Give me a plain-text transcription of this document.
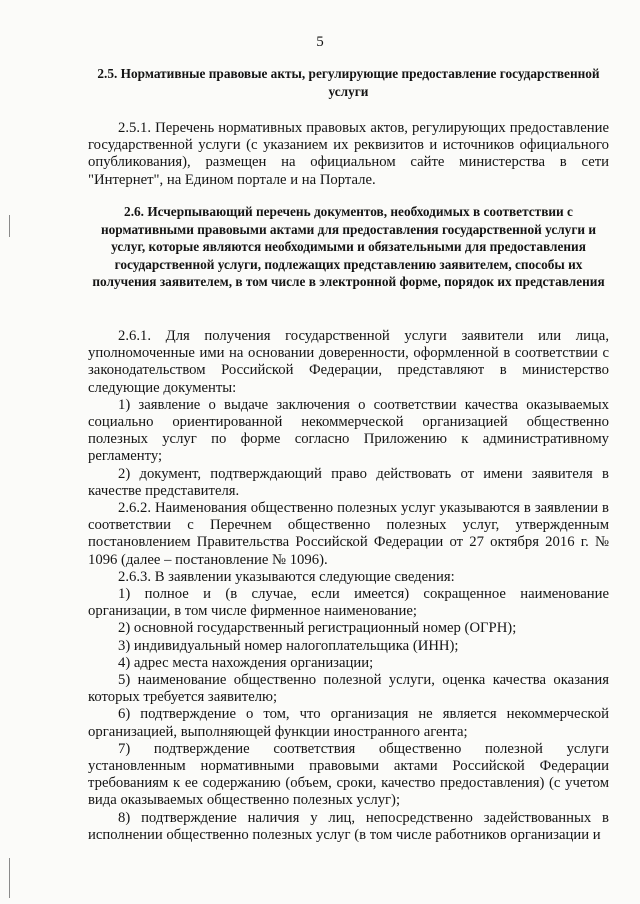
5
2.5. Нормативные правовые акты, регулирующие предоставление государственной услуги

2.5.1. Перечень нормативных правовых актов, регулирующих предоставление государственной услуги (с указанием их реквизитов и источников официального опубликования), размещен на официальном сайте министерства в сети "Интернет", на Едином портале и на Портале.

2.6. Исчерпывающий перечень документов, необходимых в соответствии с нормативными правовыми актами для предоставления государственной услуги и услуг, которые являются необходимыми и обязательными для предоставления государственной услуги, подлежащих представлению заявителем, способы их получения заявителем, в том числе в электронной форме, порядок их представления

2.6.1. Для получения государственной услуги заявители или лица, уполномоченные ими на основании доверенности, оформленной в соответствии с законодательством Российской Федерации, представляют в министерство следующие документы:

1) заявление о выдаче заключения о соответствии качества оказываемых социально ориентированной некоммерческой организацией общественно полезных услуг по форме согласно Приложению к административному регламенту;

2) документ, подтверждающий право действовать от имени заявителя в качестве представителя.

2.6.2. Наименования общественно полезных услуг указываются в заявлении в соответствии с Перечнем общественно полезных услуг, утвержденным постановлением Правительства Российской Федерации от 27 октября 2016 г. № 1096 (далее – постановление № 1096).

2.6.3. В заявлении указываются следующие сведения:

1) полное и (в случае, если имеется) сокращенное наименование организации, в том числе фирменное наименование;

2) основной государственный регистрационный номер (ОГРН);

3) индивидуальный номер налогоплательщика (ИНН);

4) адрес места нахождения организации;

5) наименование общественно полезной услуги, оценка качества оказания которых требуется заявителю;

6) подтверждение о том, что организация не является некоммерческой организацией, выполняющей функции иностранного агента;

7) подтверждение соответствия общественно полезной услуги установленным нормативными правовыми актами Российской Федерации требованиям к ее содержанию (объем, сроки, качество предоставления) (с учетом вида оказываемых общественно полезных услуг);

8) подтверждение наличия у лиц, непосредственно задействованных в исполнении общественно полезных услуг (в том числе работников организации и
